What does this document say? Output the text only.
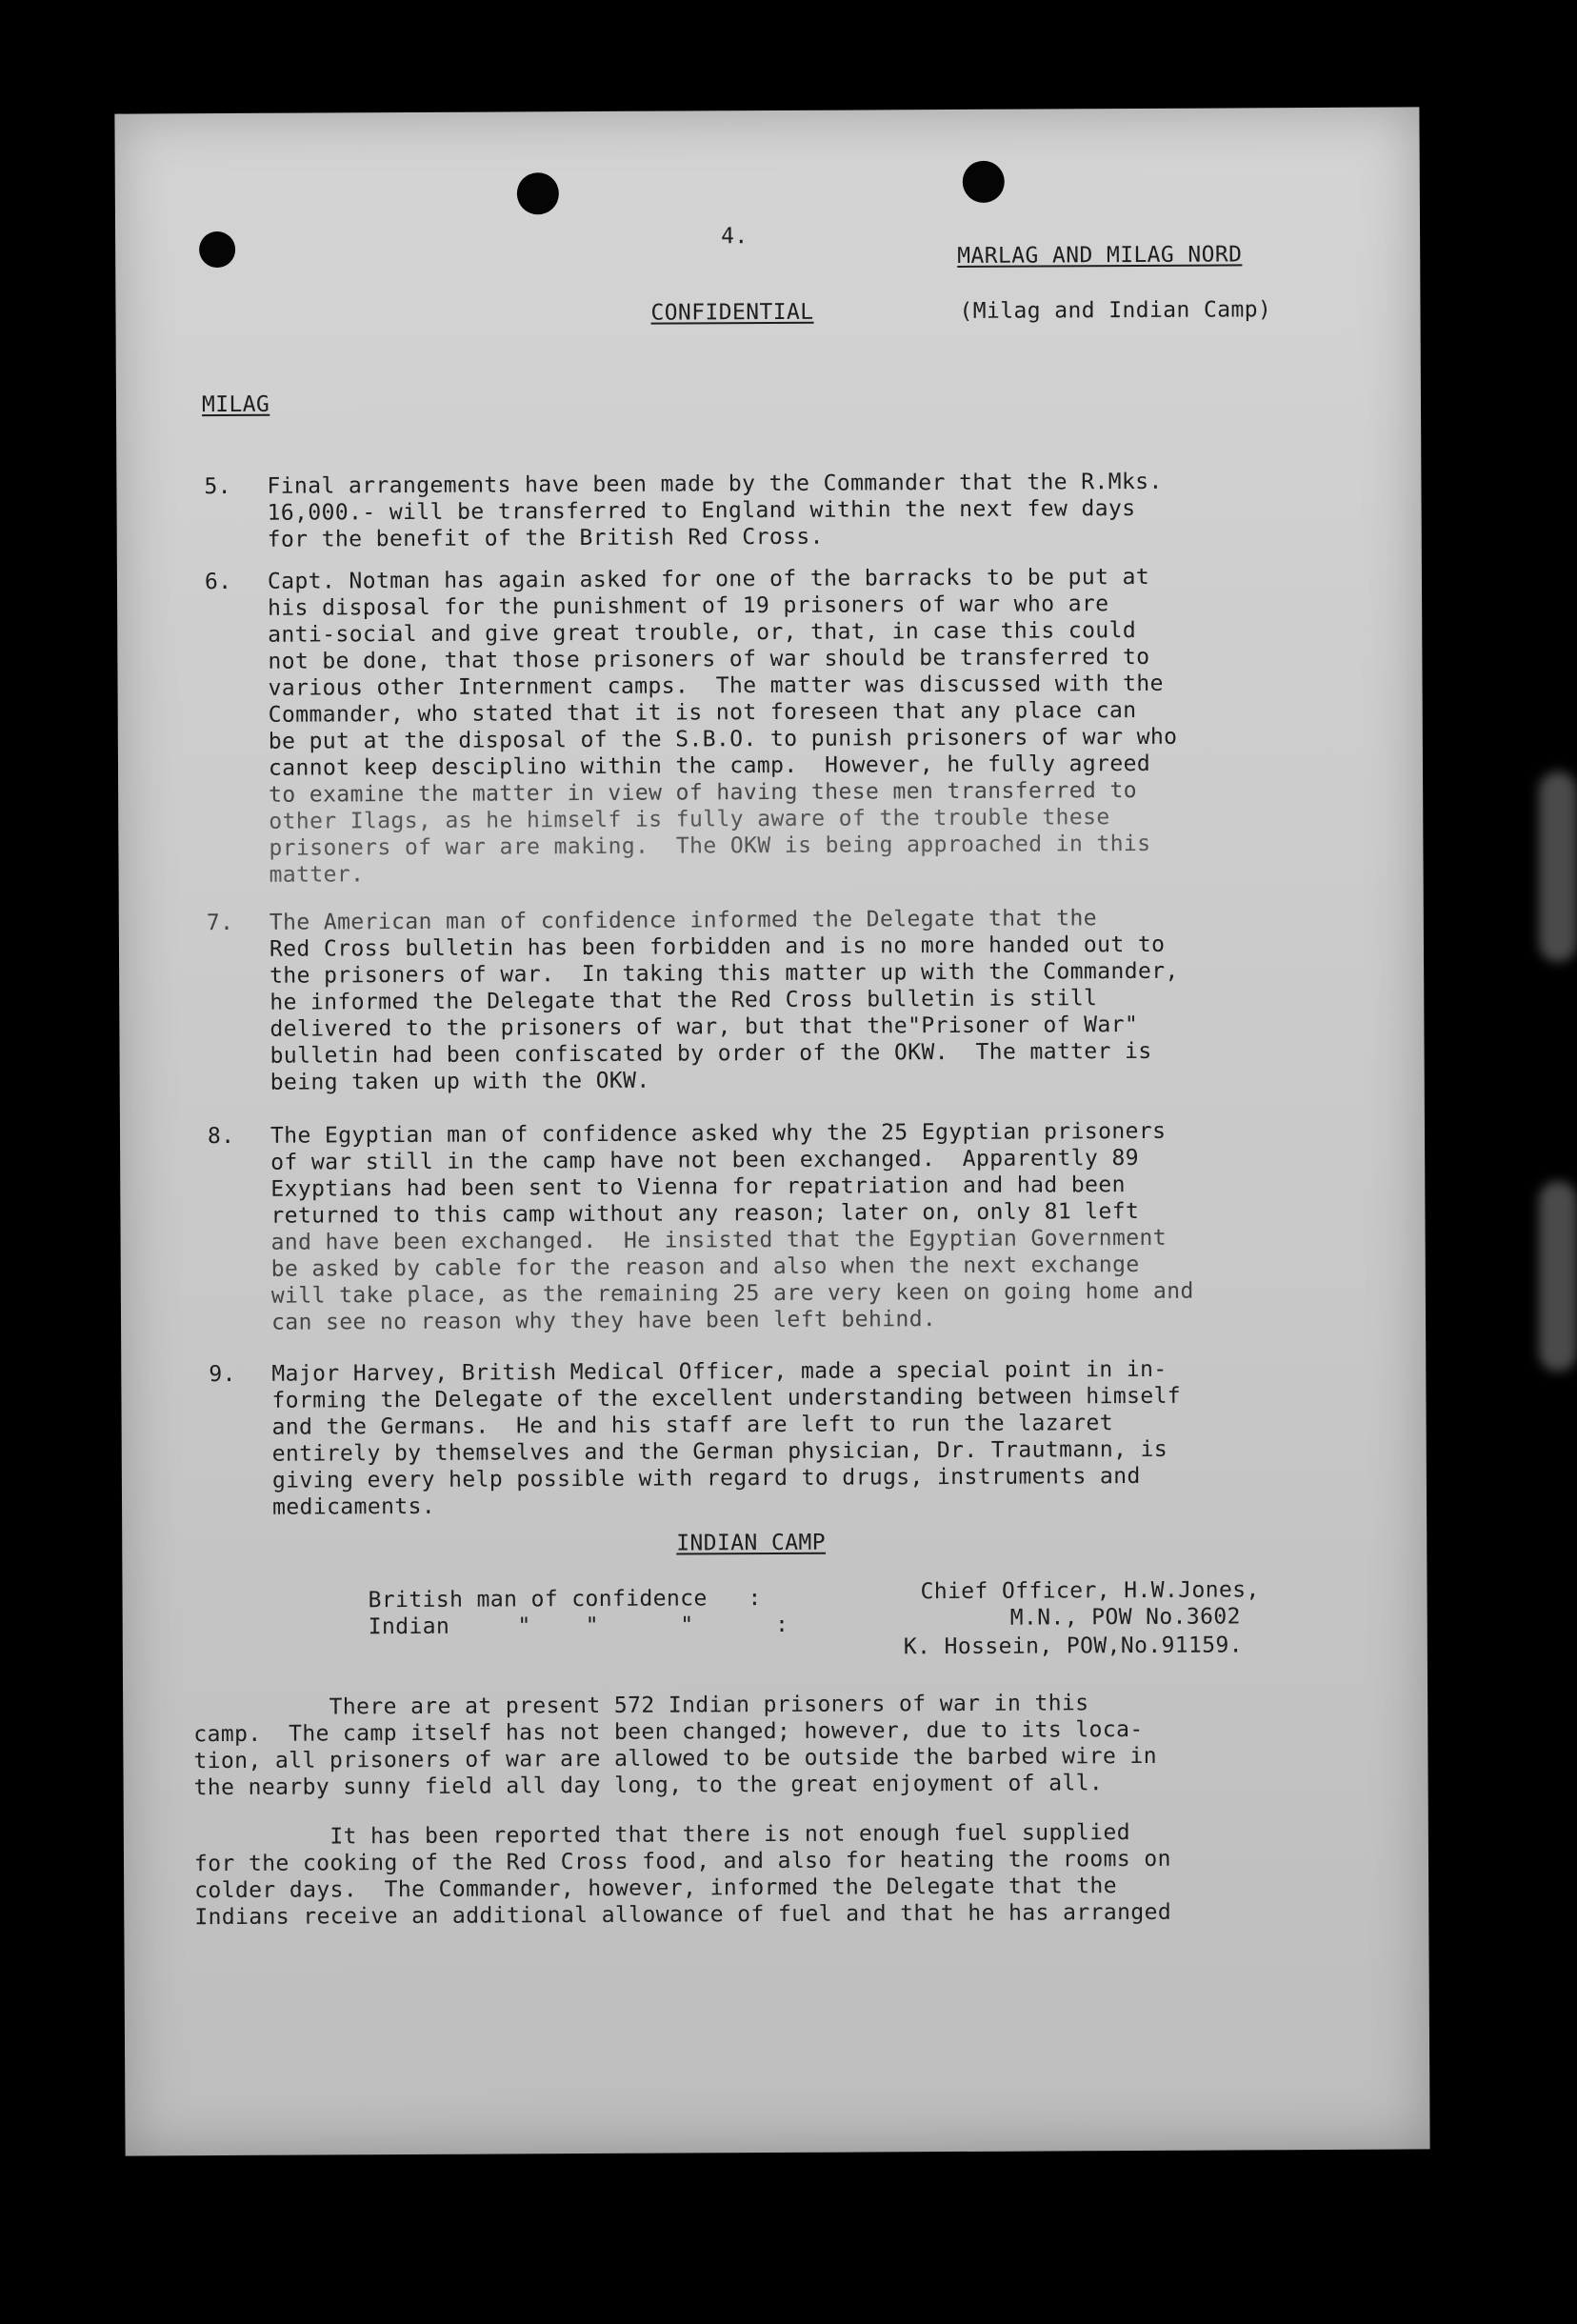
4.
MARLAG AND MILAG NORD
CONFIDENTIAL	(Milag and Indian Camp)
MILAG
5. Final arrangements have been made by the Commander that the R.Mks.
16,000.- will be transferred to England within the next few days
for the benefit of the British Red Cross.
6. Capt. Notman has again asked for one of the barracks to be put at
his disposal for the punishment of 19 prisoners of war who are
anti-social and give great trouble, or, that, in case this could
not be done, that those prisoners of war should be transferred to
various other Internment camps.  The matter was discussed with the
Commander, who stated that it is not foreseen that any place can
be put at the disposal of the S.B.O. to punish prisoners of war who
cannot keep desciplino within the camp.  However, he fully agreed
to examine the matter in view of having these men transferred to
other Ilags, as he himself is fully aware of the trouble these
prisoners of war are making.  The OKW is being approached in this
matter.
7. The American man of confidence informed the Delegate that the
Red Cross bulletin has been forbidden and is no more handed out to
the prisoners of war.  In taking this matter up with the Commander,
he informed the Delegate that the Red Cross bulletin is still
delivered to the prisoners of war, but that the"Prisoner of War"
bulletin had been confiscated by order of the OKW.  The matter is
being taken up with the OKW.
8. The Egyptian man of confidence asked why the 25 Egyptian prisoners
of war still in the camp have not been exchanged.  Apparently 89
Exyptians had been sent to Vienna for repatriation and had been
returned to this camp without any reason; later on, only 81 left
and have been exchanged.  He insisted that the Egyptian Government
be asked by cable for the reason and also when the next exchange
will take place, as the remaining 25 are very keen on going home and
can see no reason why they have been left behind.
9. Major Harvey, British Medical Officer, made a special point in in-
forming the Delegate of the excellent understanding between himself
and the Germans.  He and his staff are left to run the lazaret
entirely by themselves and the German physician, Dr. Trautmann, is
giving every help possible with regard to drugs, instruments and
medicaments.
INDIAN CAMP
British man of confidence   :
Indian     "    "      "      :
Chief Officer, H.W.Jones,
M.N., POW No.3602
K. Hossein, POW,No.91159.
There are at present 572 Indian prisoners of war in this
camp.  The camp itself has not been changed; however, due to its loca-
tion, all prisoners of war are allowed to be outside the barbed wire in
the nearby sunny field all day long, to the great enjoyment of all.
It has been reported that there is not enough fuel supplied
for the cooking of the Red Cross food, and also for heating the rooms on
colder days.  The Commander, however, informed the Delegate that the
Indians receive an additional allowance of fuel and that he has arranged
